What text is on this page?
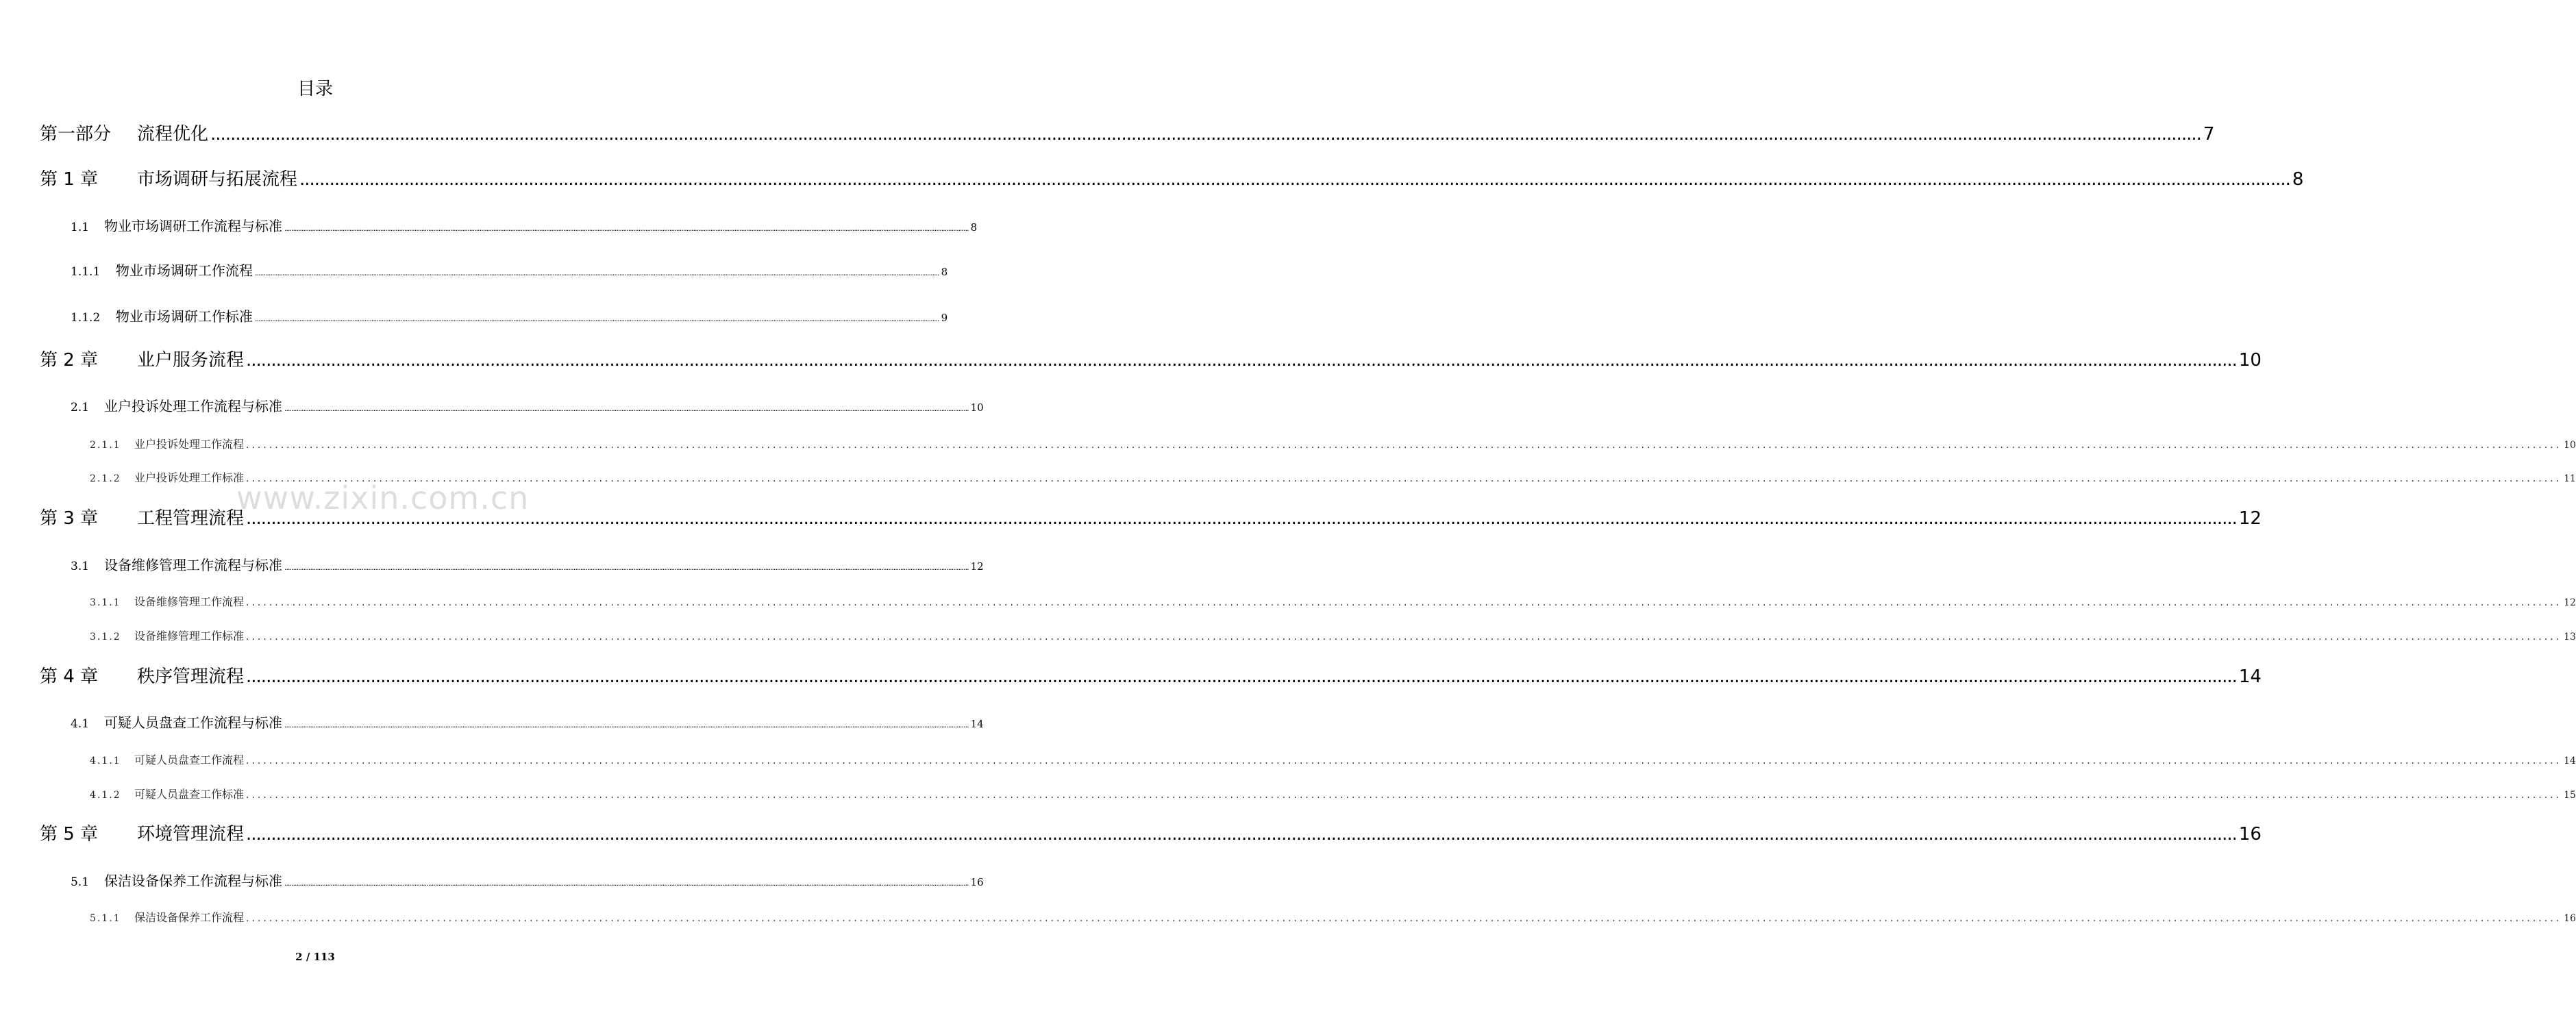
目录
第一部分	流程优化 ................................................................................................................................................................................................................................................................................................................................................................................................................ 7
第 1 章	市场调研与拓展流程 ................................................................................................................................................................................................................................................................................................................................................................................................................ 8
1.1	物业市场调研工作流程与标准 ................................................................................................................................................................................................................................................................................................................................................................................................................ 8
1.1.1	物业市场调研工作流程 ................................................................................................................................................................................................................................................................................................................................................................................................................ 8
1.1.2	物业市场调研工作标准 ................................................................................................................................................................................................................................................................................................................................................................................................................ 9
第 2 章	业户服务流程 ................................................................................................................................................................................................................................................................................................................................................................................................................ 10
2.1	业户投诉处理工作流程与标准 ................................................................................................................................................................................................................................................................................................................................................................................................................ 10
2.1.1	业户投诉处理工作流程 ................................................................................................................................................................................................................................................................................................................................................................................................................ 10
2.1.2	业户投诉处理工作标准 ................................................................................................................................................................................................................................................................................................................................................................................................................ 11
第 3 章	工程管理流程 ................................................................................................................................................................................................................................................................................................................................................................................................................ 12
3.1	设备维修管理工作流程与标准 ................................................................................................................................................................................................................................................................................................................................................................................................................ 12
3.1.1	设备维修管理工作流程 ................................................................................................................................................................................................................................................................................................................................................................................................................ 12
3.1.2	设备维修管理工作标准 ................................................................................................................................................................................................................................................................................................................................................................................................................ 13
第 4 章	秩序管理流程 ................................................................................................................................................................................................................................................................................................................................................................................................................ 14
4.1	可疑人员盘查工作流程与标准 ................................................................................................................................................................................................................................................................................................................................................................................................................ 14
4.1.1	可疑人员盘查工作流程 ................................................................................................................................................................................................................................................................................................................................................................................................................ 14
4.1.2	可疑人员盘查工作标准 ................................................................................................................................................................................................................................................................................................................................................................................................................ 15
第 5 章	环境管理流程 ................................................................................................................................................................................................................................................................................................................................................................................................................ 16
5.1	保洁设备保养工作流程与标准 ................................................................................................................................................................................................................................................................................................................................................................................................................ 16
5.1.1	保洁设备保养工作流程 ................................................................................................................................................................................................................................................................................................................................................................................................................ 16
www.zixin.com.cn
2 / 113
